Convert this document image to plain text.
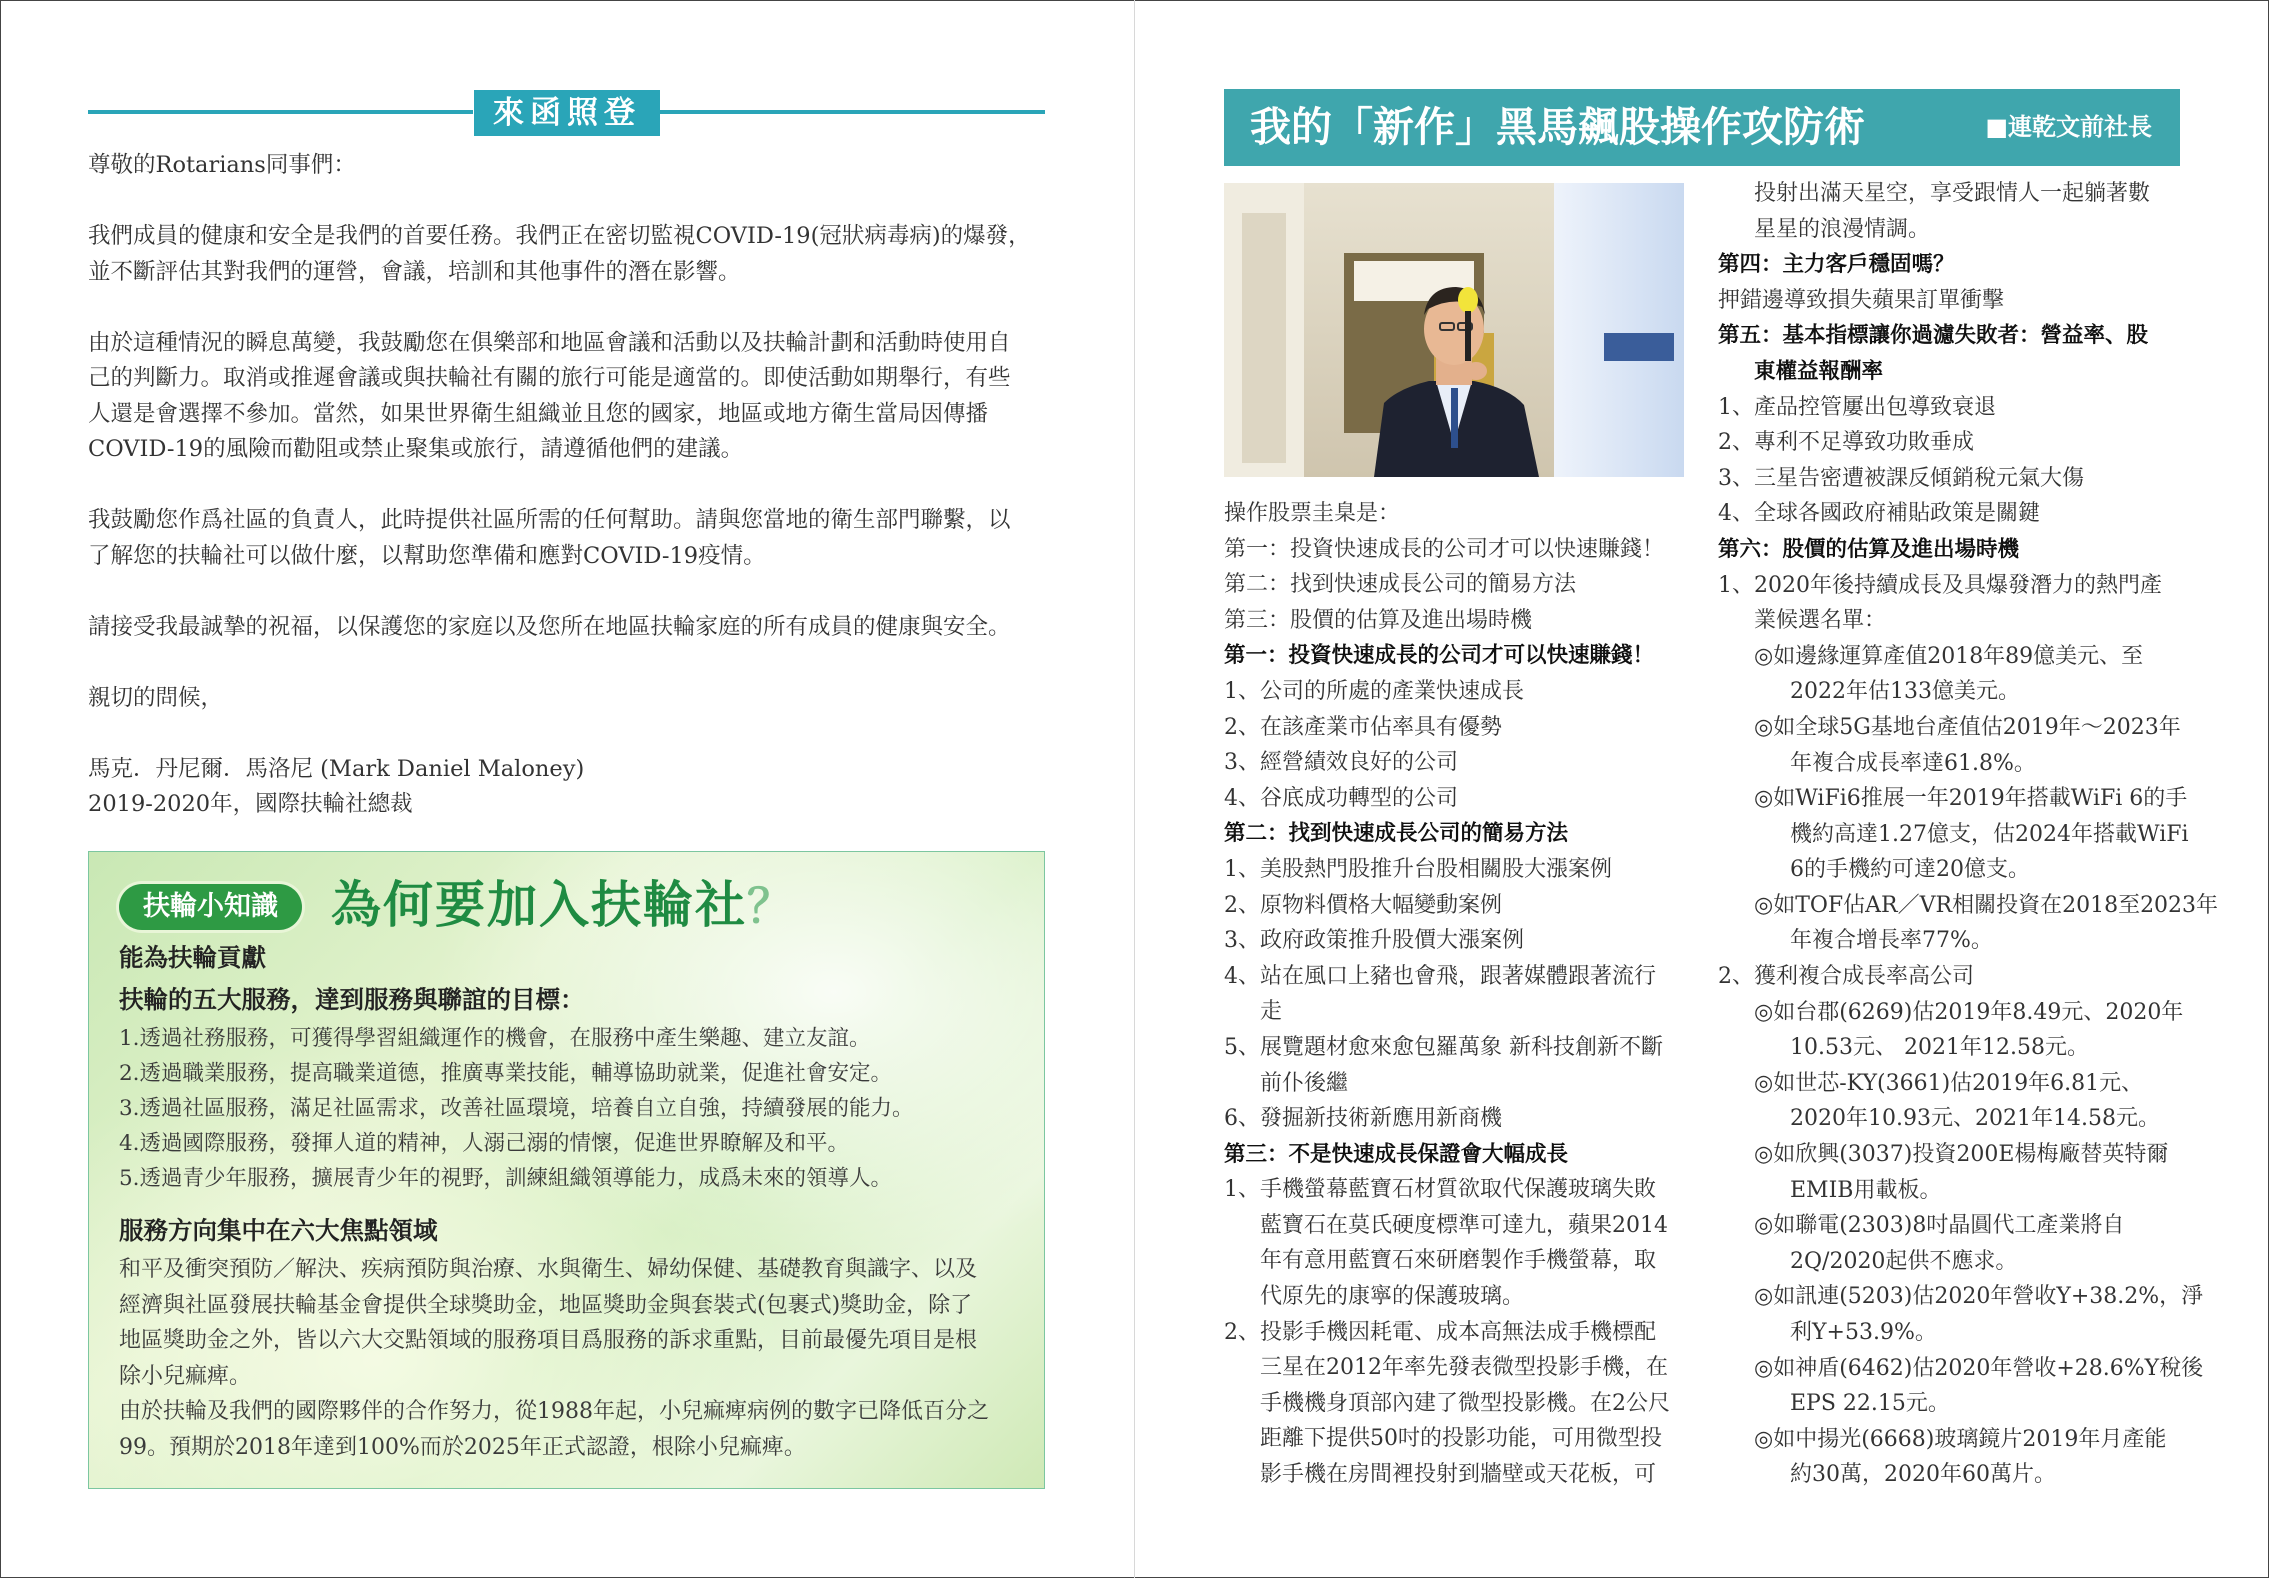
來函照登

尊敬的Rotarians同事們：

我們成員的健康和安全是我們的首要任務。我們正在密切監視COVID-19(冠狀病毒病)的爆發，
並不斷評估其對我們的運營，會議，培訓和其他事件的潛在影響。

由於這種情況的瞬息萬變，我鼓勵您在俱樂部和地區會議和活動以及扶輪計劃和活動時使用自
己的判斷力。取消或推遲會議或與扶輪社有關的旅行可能是適當的。即使活動如期舉行，有些
人還是會選擇不參加。當然，如果世界衛生組織並且您的國家，地區或地方衛生當局因傳播
COVID-19的風險而勸阻或禁止聚集或旅行，請遵循他們的建議。

我鼓勵您作爲社區的負責人，此時提供社區所需的任何幫助。請與您當地的衛生部門聯繫，以
了解您的扶輪社可以做什麼，以幫助您準備和應對COVID-19疫情。

請接受我最誠摯的祝福，以保護您的家庭以及您所在地區扶輪家庭的所有成員的健康與安全。

親切的問候，

馬克．丹尼爾．馬洛尼 (Mark Daniel Maloney)

2019-2020年，國際扶輪社總裁

扶輪小知識	為何要加入扶輪社？
能為扶輪貢獻
扶輪的五大服務，達到服務與聯誼的目標：
1.透過社務服務，可獲得學習組織運作的機會，在服務中產生樂趣、建立友誼。
2.透過職業服務，提高職業道德，推廣專業技能，輔導協助就業，促進社會安定。
3.透過社區服務，滿足社區需求，改善社區環境，培養自立自強，持續發展的能力。
4.透過國際服務，發揮人道的精神，人溺己溺的情懷，促進世界瞭解及和平。
5.透過青少年服務，擴展青少年的視野，訓練組織領導能力，成爲未來的領導人。
服務方向集中在六大焦點領域
和平及衝突預防／解決、疾病預防與治療、水與衛生、婦幼保健、基礎教育與識字、以及
經濟與社區發展扶輪基金會提供全球獎助金，地區獎助金與套裝式(包裹式)獎助金，除了
地區獎助金之外，皆以六大交點領域的服務項目爲服務的訴求重點，目前最優先項目是根
除小兒痲痺。
由於扶輪及我們的國際夥伴的合作努力，從1988年起，小兒痲痺病例的數字已降低百分之
99。預期於2018年達到100%而於2025年正式認證，根除小兒痲痺。
我的「新作」黑馬飆股操作攻防術	■連乾文前社長
操作股票圭臬是：
第一：投資快速成長的公司才可以快速賺錢！
第二：找到快速成長公司的簡易方法
第三：股價的估算及進出場時機
第一：投資快速成長的公司才可以快速賺錢！
1、公司的所處的產業快速成長
2、在該產業市佔率具有優勢
3、經營績效良好的公司
4、谷底成功轉型的公司
第二：找到快速成長公司的簡易方法
1、美股熱門股推升台股相關股大漲案例
2、原物料價格大幅變動案例
3、政府政策推升股價大漲案例
4、站在風口上豬也會飛，跟著媒體跟著流行
走
5、展覽題材愈來愈包羅萬象 新科技創新不斷
前仆後繼
6、發掘新技術新應用新商機
第三：不是快速成長保證會大幅成長
1、手機螢幕藍寶石材質欲取代保護玻璃失敗
藍寶石在莫氏硬度標準可達九，蘋果2014
年有意用藍寶石來研磨製作手機螢幕，取
代原先的康寧的保護玻璃。
2、投影手機因耗電、成本高無法成手機標配
三星在2012年率先發表微型投影手機，在
手機機身頂部內建了微型投影機。在2公尺
距離下提供50吋的投影功能，可用微型投
影手機在房間裡投射到牆壁或天花板，可
投射出滿天星空，享受跟情人一起躺著數
星星的浪漫情調。
第四：主力客戶穩固嗎？
押錯邊導致損失蘋果訂單衝擊
第五：基本指標讓你過濾失敗者：營益率、股
東權益報酬率
1、產品控管屢出包導致衰退
2、專利不足導致功敗垂成
3、三星告密遭被課反傾銷稅元氣大傷
4、全球各國政府補貼政策是關鍵
第六：股價的估算及進出場時機
1、2020年後持續成長及具爆發潛力的熱門產
業候選名單：
◎如邊緣運算產值2018年89億美元、至
2022年估133億美元。
◎如全球5G基地台產值估2019年～2023年
年複合成長率達61.8%。
◎如WiFi6推展一年2019年搭載WiFi 6的手
機約高達1.27億支，估2024年搭載WiFi
6的手機約可達20億支。
◎如TOF佔AR／VR相關投資在2018至2023年
年複合增長率77%。
2、獲利複合成長率高公司
◎如台郡(6269)估2019年8.49元、2020年
10.53元、 2021年12.58元。
◎如世芯-KY(3661)估2019年6.81元、
2020年10.93元、2021年14.58元。
◎如欣興(3037)投資200E楊梅廠替英特爾
EMIB用載板。
◎如聯電(2303)8吋晶圓代工產業將自
2Q/2020起供不應求。
◎如訊連(5203)估2020年營收Y+38.2%，淨
利Y+53.9%。
◎如神盾(6462)估2020年營收+28.6%Y稅後
EPS 22.15元。
◎如中揚光(6668)玻璃鏡片2019年月產能
約30萬，2020年60萬片。
